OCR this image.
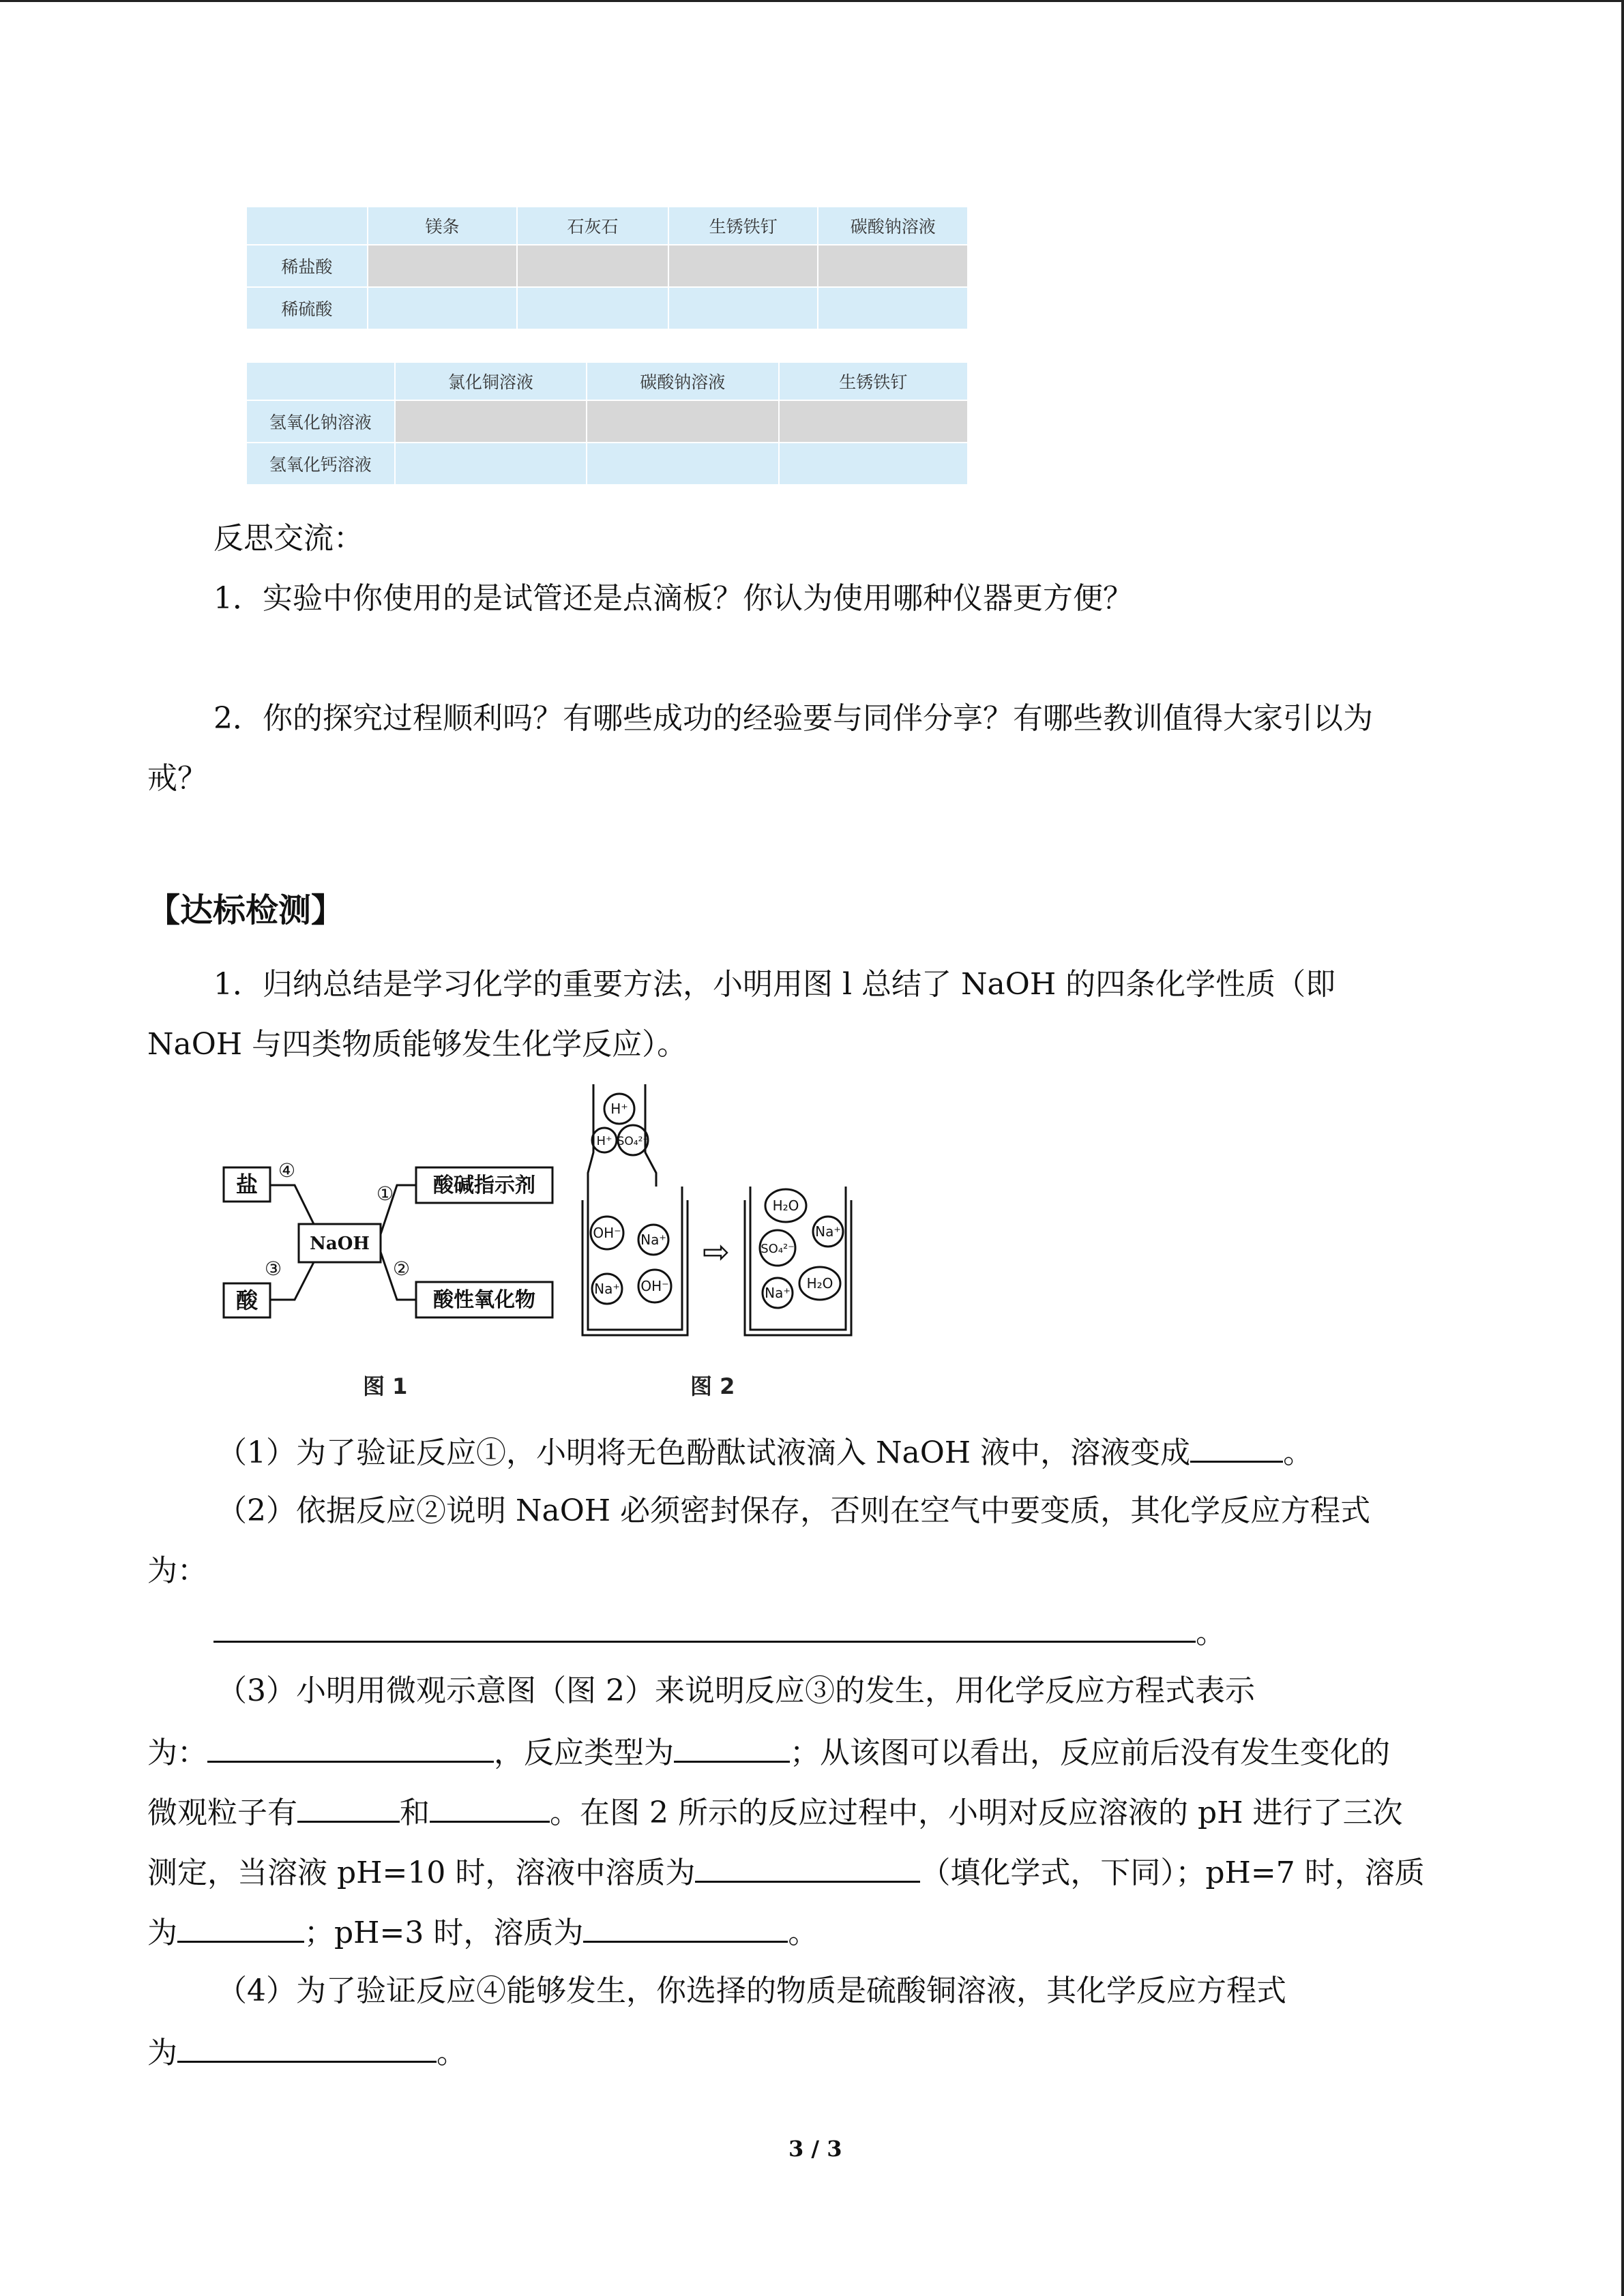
	镁条	石灰石	生锈铁钉	碳酸钠溶液
稀盐酸				
稀硫酸				
	氯化铜溶液	碳酸钠溶液	生锈铁钉
氢氧化钠溶液			
氢氧化钙溶液			
反思交流：
1．实验中你使用的是试管还是点滴板？你认为使用哪种仪器更方便？
2．你的探究过程顺利吗？有哪些成功的经验要与同伴分享？有哪些教训值得大家引以为
戒？
【达标检测】
1．归纳总结是学习化学的重要方法，小明用图 l 总结了 NaOH 的四条化学性质（即
NaOH 与四类物质能够发生化学反应）。
盐
酸
NaOH
酸碱指示剂
酸性氧化物
④
③
①
②
图 1
H⁺
H⁺ SO₄²⁻
OH⁻ Na⁺
Na⁺ OH⁻
H₂O
SO₄²⁻
Na⁺
Na⁺
H₂O
⇨
图 2
（1）为了验证反应①，小明将无色酚酞试液滴入 NaOH 液中，溶液变成	。
（2）依据反应②说明 NaOH 必须密封保存，否则在空气中要变质，其化学反应方程式
为：
。
（3）小明用微观示意图（图 2）来说明反应③的发生，用化学反应方程式表示
为：	，反应类型为	；从该图可以看出，反应前后没有发生变化的
微观粒子有	和	。在图 2 所示的反应过程中，小明对反应溶液的 pH 进行了三次
测定，当溶液 pH=10 时，溶液中溶质为	（填化学式，下同）；pH=7 时，溶质
为	；pH=3 时，溶质为	。
（4）为了验证反应④能够发生，你选择的物质是硫酸铜溶液，其化学反应方程式
为	。
3 / 3
